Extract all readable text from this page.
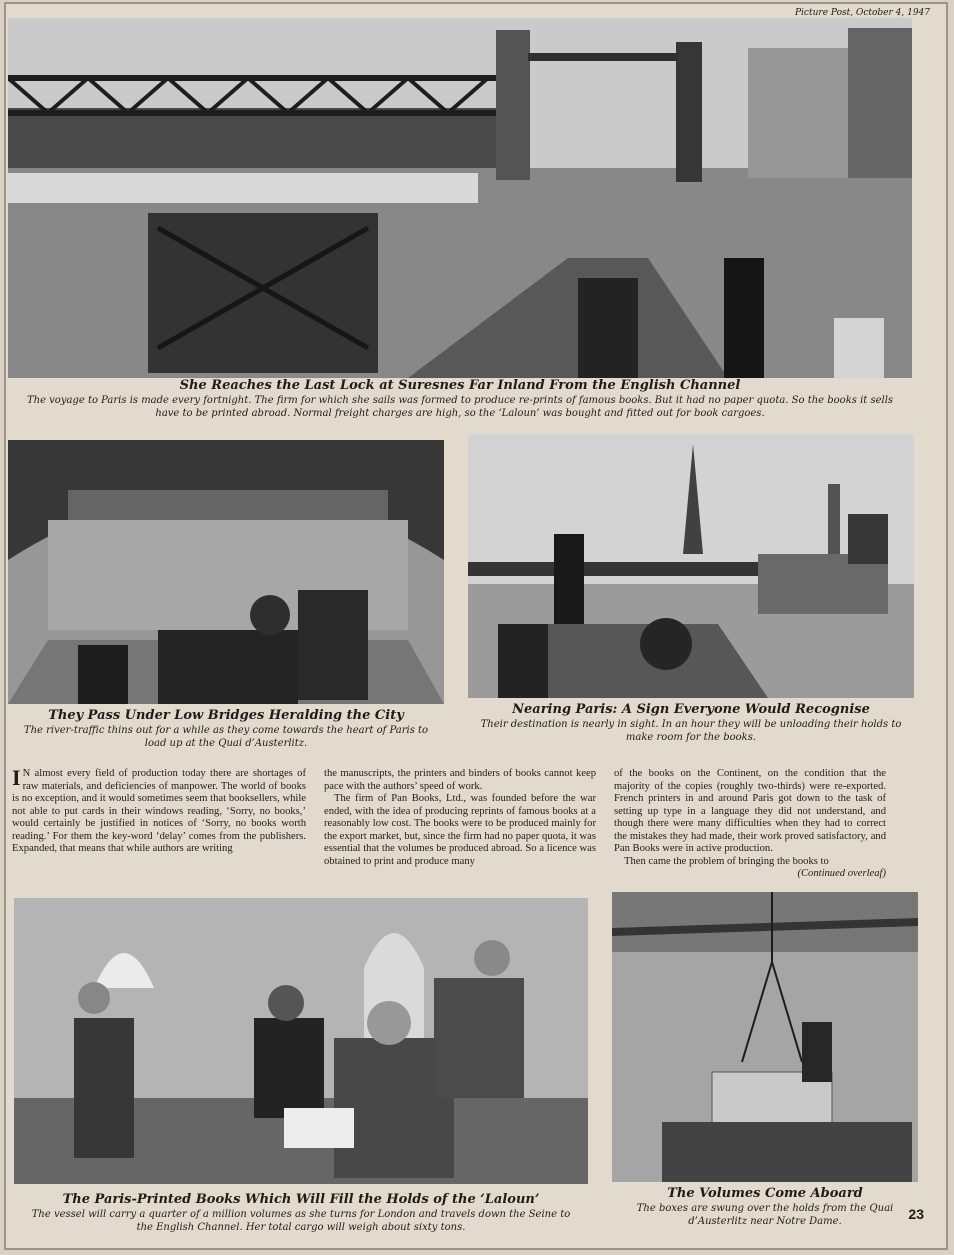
Picture Post, October 4, 1947

She Reaches the Last Lock at Suresnes Far Inland From the English Channel

The voyage to Paris is made every fortnight. The firm for which she sails was formed to produce re-prints of famous books. But it had no paper quota. So the books it sells have to be printed abroad. Normal freight charges are high, so the ‘Laloun’ was bought and fitted out for book cargoes.

They Pass Under Low Bridges Heralding the City

The river-traffic thins out for a while as they come towards the heart of Paris to load up at the Quai d’Austerlitz.

Nearing Paris: A Sign Everyone Would Recognise

Their destination is nearly in sight. In an hour they will be unloading their holds to make room for the books.

I N almost every field of production today there are shortages of raw materials, and deficiencies of manpower. The world of books is no exception, and it would sometimes seem that booksellers, while not able to put cards in their windows reading, ‘Sorry, no books,’ would certainly be justified in notices of ‘Sorry, no books worth reading.’ For them the key-word ‘delay’ comes from the publishers. Expanded, that means that while authors are writing

the manuscripts, the printers and binders of books cannot keep pace with the authors’ speed of work.

The firm of Pan Books, Ltd., was founded before the war ended, with the idea of producing reprints of famous books at a reasonably low cost. The books were to be produced mainly for the export market, but, since the firm had no paper quota, it was essential that the volumes be produced abroad. So a licence was obtained to print and produce many

of the books on the Continent, on the condition that the majority of the copies (roughly two-thirds) were re-exported. French printers in and around Paris got down to the task of setting up type in a language they did not understand, and though there were many difficulties when they had to correct the mistakes they had made, their work proved satisfactory, and Pan Books were in active production.

Then came the problem of bringing the books to

(Continued overleaf)

The Paris-Printed Books Which Will Fill the Holds of the ‘Laloun’

The vessel will carry a quarter of a million volumes as she turns for London and travels down the Seine to the English Channel. Her total cargo will weigh about sixty tons.

The Volumes Come Aboard

The boxes are swung over the holds from the Quai d’Austerlitz near Notre Dame.	23
